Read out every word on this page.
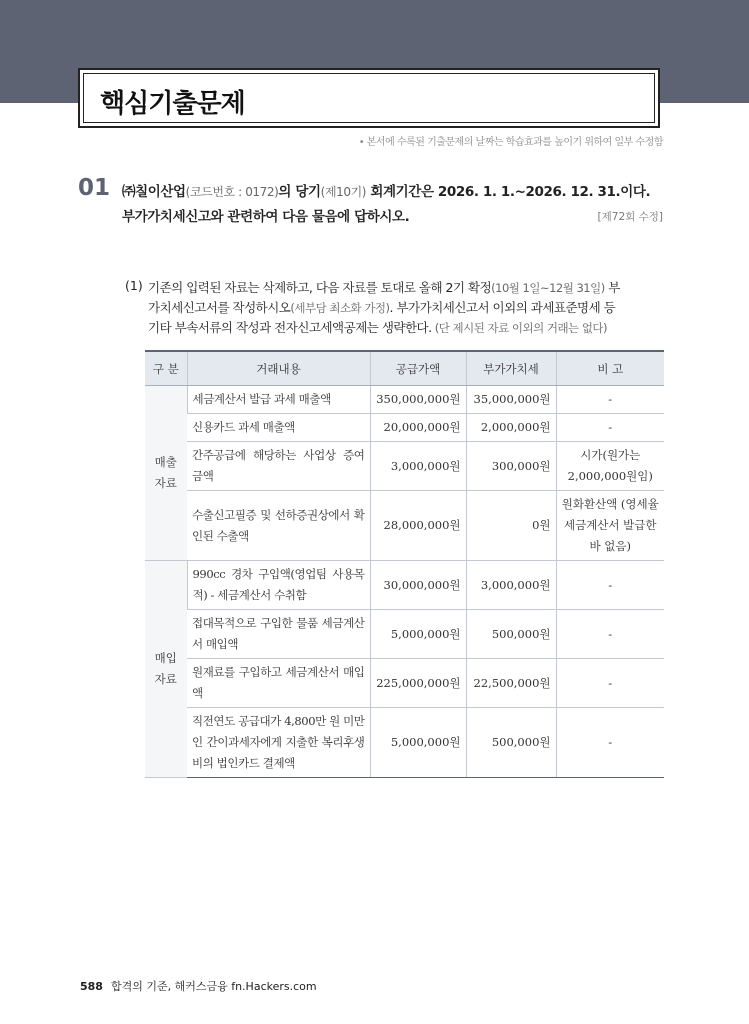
핵심기출문제
• 본서에 수록된 기출문제의 날짜는 학습효과를 높이기 위하여 일부 수정함
01 ㈜칠이산업(코드번호 : 0172)의 당기(제10기) 회계기간은 2026. 1. 1.~2026. 12. 31.이다.
부가가치세신고와 관련하여 다음 물음에 답하시오.	[제72회 수정]
(1) 기존의 입력된 자료는 삭제하고, 다음 자료를 토대로 올해 2기 확정(10월 1일~12월 31일) 부
가치세신고서를 작성하시오(세부담 최소화 가정). 부가가치세신고서 이외의 과세표준명세 등
기타 부속서류의 작성과 전자신고세액공제는 생략한다. (단 제시된 자료 이외의 거래는 없다)
구 분	거래내용	공급가액	부가가치세	비 고
매출
자료	세금계산서 발급 과세 매출액	350,000,000원	35,000,000원	-
	신용카드 과세 매출액	20,000,000원	2,000,000원	-
	간주공급에 해당하는 사업상 증여 금액	3,000,000원	300,000원	시가(원가는 2,000,000원임)
	수출신고필증 및 선하증권상에서 확인된 수출액	28,000,000원	0원	원화환산액 (영세율세금계산서 발급한 바 없음)
매입
자료	990cc 경차 구입액(영업팀 사용목적) - 세금계산서 수취함	30,000,000원	3,000,000원	-
	접대목적으로 구입한 물품 세금계산서 매입액	5,000,000원	500,000원	-
	원재료를 구입하고 세금계산서 매입액	225,000,000원	22,500,000원	-
	직전연도 공급대가 4,800만 원 미만인 간이과세자에게 지출한 복리후생비의 법인카드 결제액	5,000,000원	500,000원	-
588 합격의 기준, 해커스금융 fn.Hackers.com
